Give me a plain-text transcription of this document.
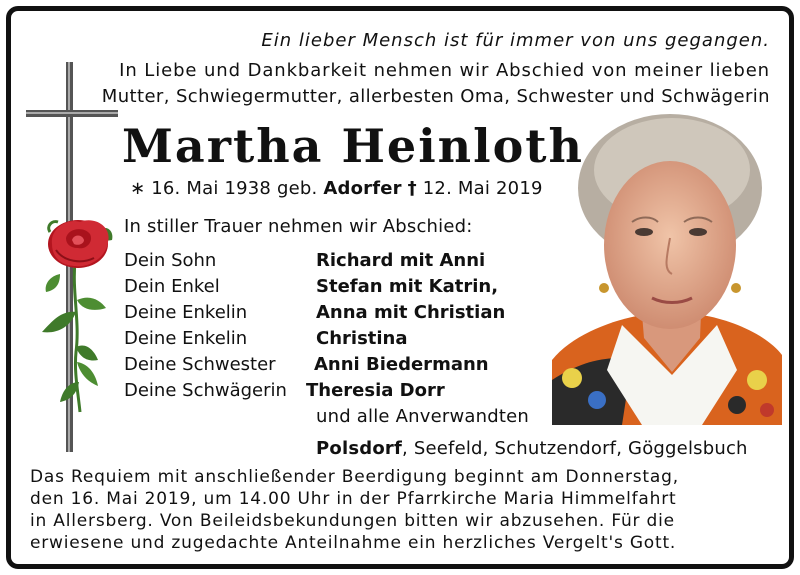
Ein lieber Mensch ist für immer von uns gegangen.
In Liebe und Dankbarkeit nehmen wir Abschied von meiner lieben
Mutter, Schwiegermutter, allerbesten Oma, Schwester und Schwägerin
Martha Heinloth
∗ 16. Mai 1938 geb. Adorfer † 12. Mai 2019
In stiller Trauer nehmen wir Abschied:
Dein Sohn	Richard mit Anni
Dein Enkel	Stefan mit Katrin,
Deine Enkelin	Anna mit Christian
Deine Enkelin	Christina
Deine Schwester Anni Biedermann
Deine Schwägerin Theresia Dorr
und alle Anverwandten
Polsdorf, Seefeld, Schutzendorf, Göggelsbuch
Das Requiem mit anschließender Beerdigung beginnt am Donnerstag,
den 16. Mai 2019, um 14.00 Uhr in der Pfarrkirche Maria Himmelfahrt
in Allersberg. Von Beileidsbekundungen bitten wir abzusehen. Für die
erwiesene und zugedachte Anteilnahme ein herzliches Vergelt's Gott.
